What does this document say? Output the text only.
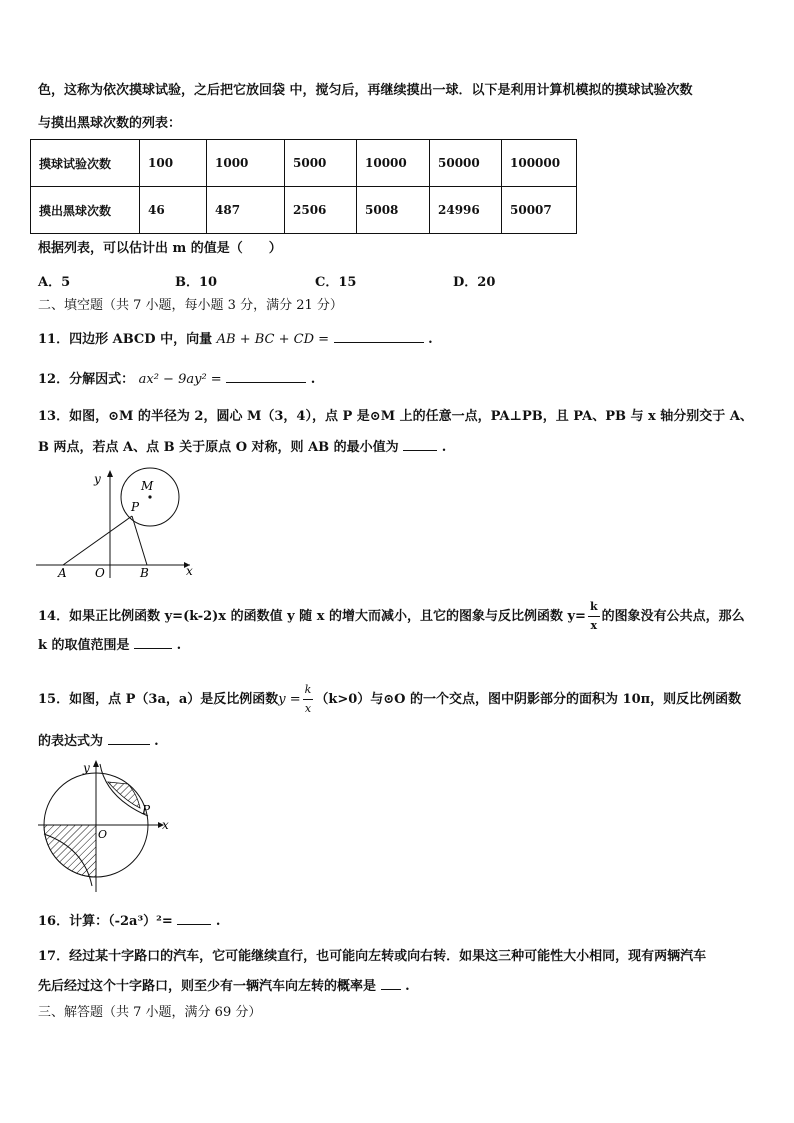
色，这称为依次摸球试验，之后把它放回袋 中，搅匀后，再继续摸出一球．以下是利用计算机模拟的摸球试验次数
与摸出黑球次数的列表：
摸球试验次数	100	1000	5000	10000	50000	100000
摸出黑球次数	46	487	2506	5008	24996	50007
根据列表，可以估计出 m 的值是（　　）
A．5	B．10	C．15	D．20
二、填空题（共 7 小题，每小题 3 分，满分 21 分）
11．四边形 ABCD 中，向量 AB + BC + CD =	.
12．分解因式： ax² − 9ay² =	.
13．如图，⊙M 的半径为 2，圆心 M（3，4），点 P 是⊙M 上的任意一点，PA⊥PB，且 PA、PB 与 x 轴分别交于 A、
B 两点，若点 A、点 B 关于原点 O 对称，则 AB 的最小值为	.
y	M
P
A O	B	x
14．如果正比例函数 y=(k-2)x 的函数值 y 随 x 的增大而减小，且它的图象与反比例函数 $y= \frac{k}{x}$ 的图象没有公共点，那么
k 的取值范围是	.
15．如图，点 P（3a，a）是反比例函数$y = \frac{k}{x} (k>0)$与⊙O 的一个交点，图中阴影部分的面积为 10π，则反比例函数
的表达式为	.
y
O
P
x
16．计算：（-2a³）²=	.
17．经过某十字路口的汽车，它可能继续直行，也可能向左转或向右转．如果这三种可能性大小相同，现有两辆汽车
先后经过这个十字路口，则至少有一辆汽车向左转的概率是 .
三、解答题（共 7 小题，满分 69 分）
